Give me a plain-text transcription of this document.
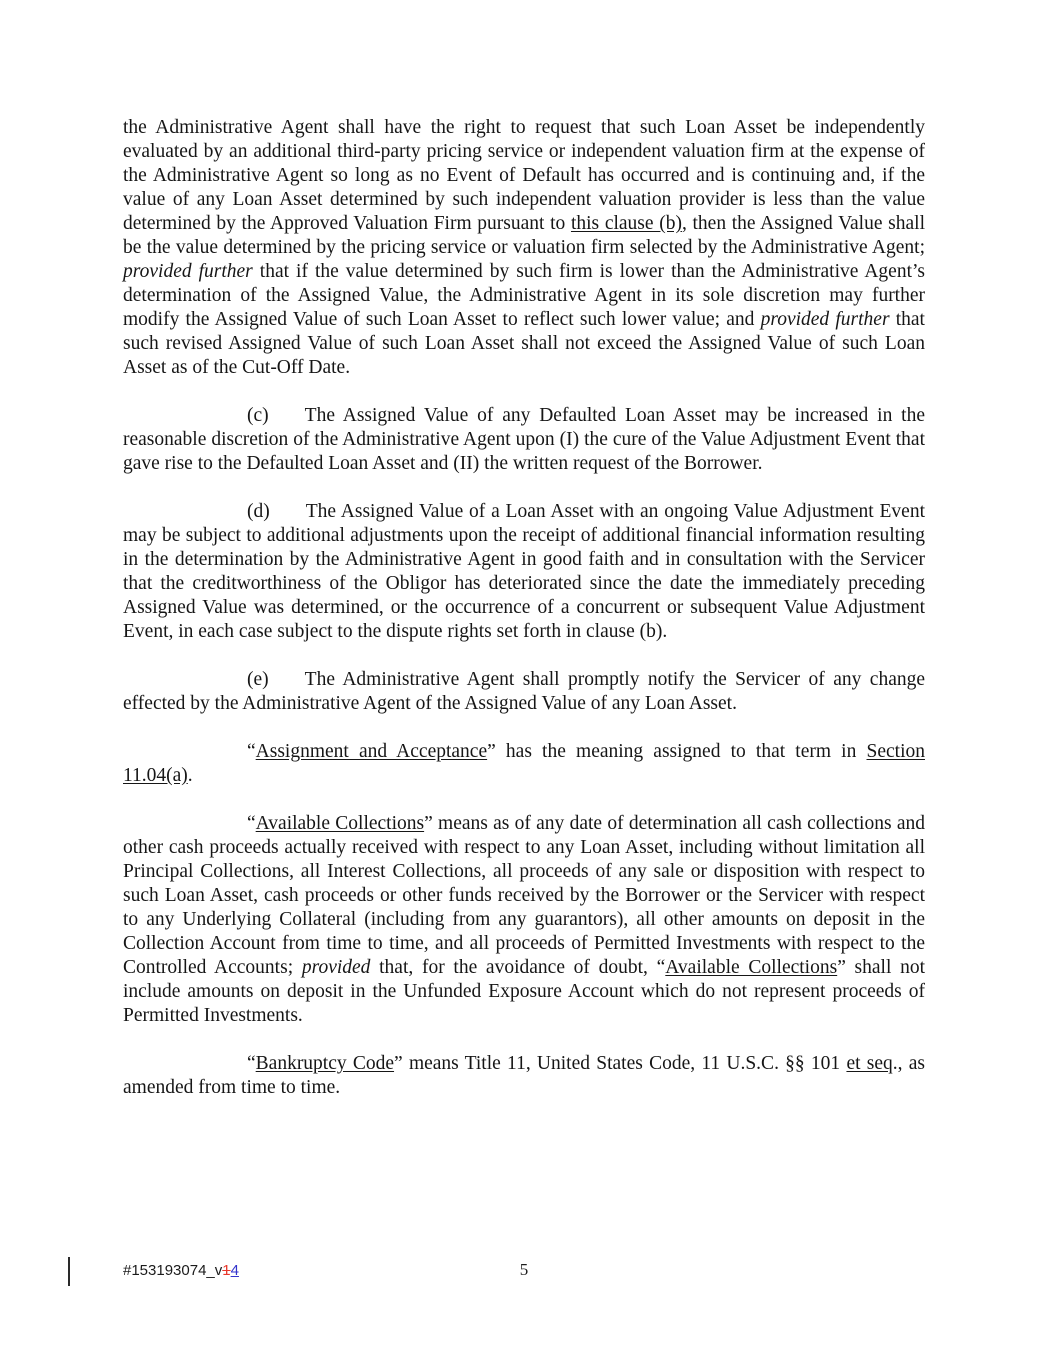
the Administrative Agent shall have the right to request that such Loan Asset be independently evaluated by an additional third-party pricing service or independent valuation firm at the expense of the Administrative Agent so long as no Event of Default has occurred and is continuing and, if the value of any Loan Asset determined by such independent valuation provider is less than the value determined by the Approved Valuation Firm pursuant to this clause (b), then the Assigned Value shall be the value determined by the pricing service or valuation firm selected by the Administrative Agent; provided further that if the value determined by such firm is lower than the Administrative Agent’s determination of the Assigned Value, the Administrative Agent in its sole discretion may further modify the Assigned Value of such Loan Asset to reflect such lower value; and provided further that such revised Assigned Value of such Loan Asset shall not exceed the Assigned Value of such Loan Asset as of the Cut-Off Date.

(c) The Assigned Value of any Defaulted Loan Asset may be increased in the reasonable discretion of the Administrative Agent upon (I) the cure of the Value Adjustment Event that gave rise to the Defaulted Loan Asset and (II) the written request of the Borrower.

(d) The Assigned Value of a Loan Asset with an ongoing Value Adjustment Event may be subject to additional adjustments upon the receipt of additional financial information resulting in the determination by the Administrative Agent in good faith and in consultation with the Servicer that the creditworthiness of the Obligor has deteriorated since the date the immediately preceding Assigned Value was determined, or the occurrence of a concurrent or subsequent Value Adjustment Event, in each case subject to the dispute rights set forth in clause (b).

(e) The Administrative Agent shall promptly notify the Servicer of any change effected by the Administrative Agent of the Assigned Value of any Loan Asset.

“Assignment and Acceptance” has the meaning assigned to that term in Section 11.04(a).

“Available Collections” means as of any date of determination all cash collections and other cash proceeds actually received with respect to any Loan Asset, including without limitation all Principal Collections, all Interest Collections, all proceeds of any sale or disposition with respect to such Loan Asset, cash proceeds or other funds received by the Borrower or the Servicer with respect to any Underlying Collateral (including from any guarantors), all other amounts on deposit in the Collection Account from time to time, and all proceeds of Permitted Investments with respect to the Controlled Accounts; provided that, for the avoidance of doubt, “Available Collections” shall not include amounts on deposit in the Unfunded Exposure Account which do not represent proceeds of Permitted Investments.

“Bankruptcy Code” means Title 11, United States Code, 11 U.S.C. §§ 101 et seq., as amended from time to time.

#153193074_v14	5
